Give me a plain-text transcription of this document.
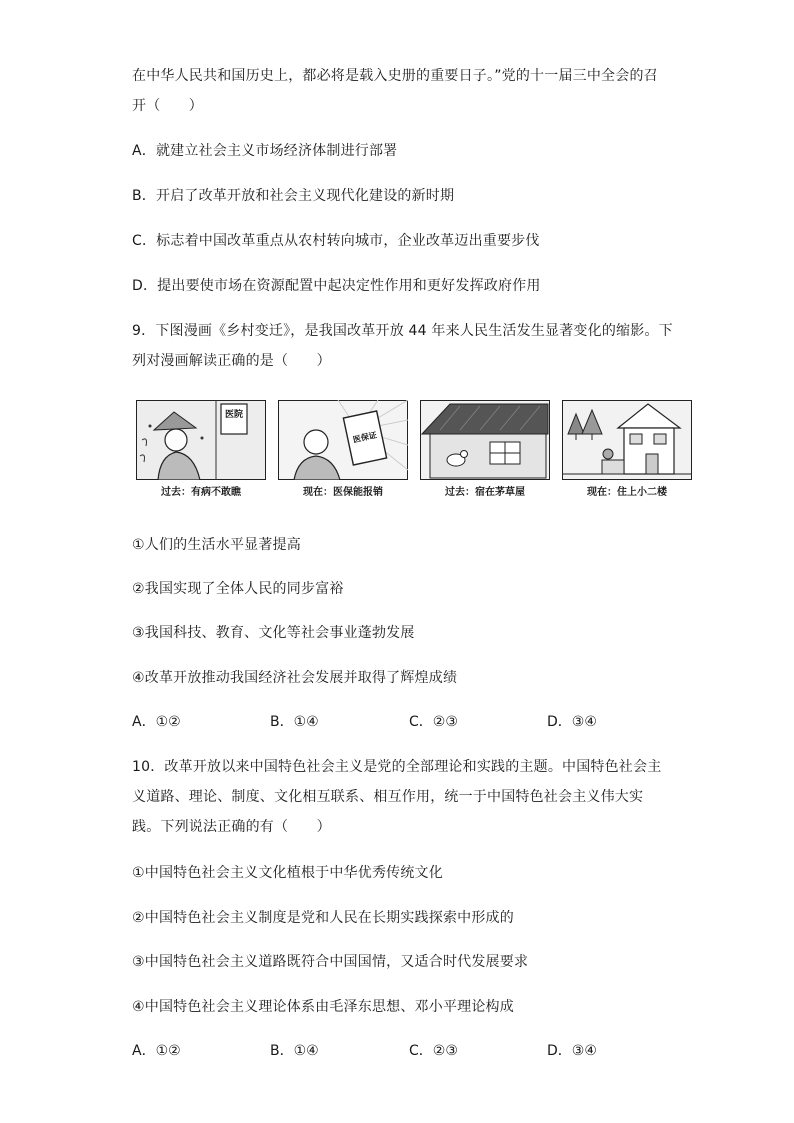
在中华人民共和国历史上，都必将是载入史册的重要日子。”党的十一届三中全会的召
开（　　）
A．就建立社会主义市场经济体制进行部署
B．开启了改革开放和社会主义现代化建设的新时期
C．标志着中国改革重点从农村转向城市，企业改革迈出重要步伐
D．提出要使市场在资源配置中起决定性作用和更好发挥政府作用
9．下图漫画《乡村变迁》，是我国改革开放 44 年来人民生活发生显著变化的缩影。下
列对漫画解读正确的是（　　）
医院
过去：有病不敢瞧
医保证
现在：医保能报销	过去：宿在茅草屋	现在：住上小二楼
①人们的生活水平显著提高
②我国实现了全体人民的同步富裕
③我国科技、教育、文化等社会事业蓬勃发展
④改革开放推动我国经济社会发展并取得了辉煌成绩
A．①②	B．①④	C．②③	D．③④
10．改革开放以来中国特色社会主义是党的全部理论和实践的主题。中国特色社会主
义道路、理论、制度、文化相互联系、相互作用，统一于中国特色社会主义伟大实
践。下列说法正确的有（　　）
①中国特色社会主义文化植根于中华优秀传统文化
②中国特色社会主义制度是党和人民在长期实践探索中形成的
③中国特色社会主义道路既符合中国国情，又适合时代发展要求
④中国特色社会主义理论体系由毛泽东思想、邓小平理论构成
A．①②	B．①④	C．②③	D．③④
